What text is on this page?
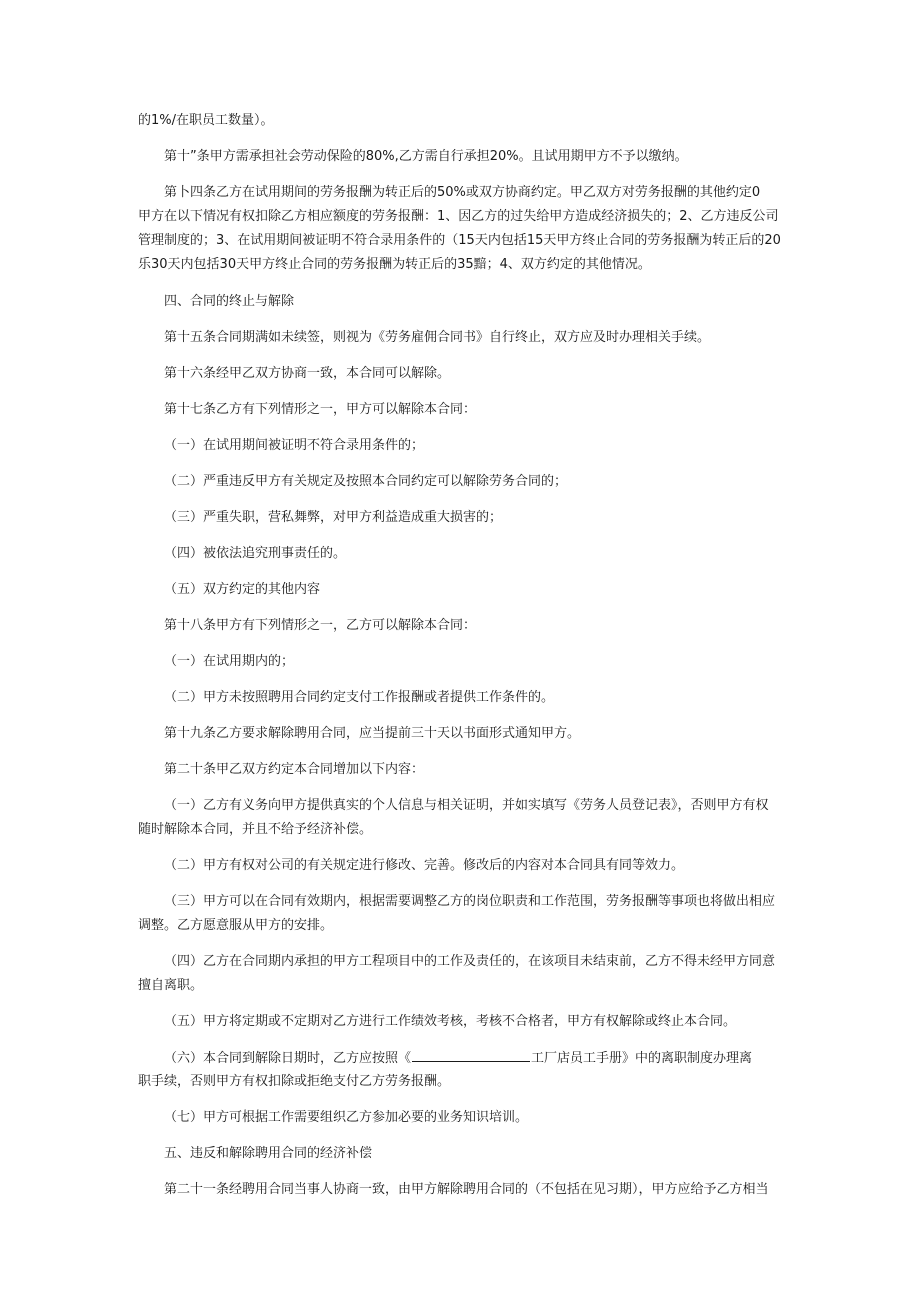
的1%/在职员工数量）。
第十”条甲方需承担社会劳动保险的80%,乙方需自行承担20%。且试用期甲方不予以缴纳。
第卜四条乙方在试用期间的劳务报酬为转正后的50%或双方协商约定。甲乙双方对劳务报酬的其他约定0
甲方在以下情况有权扣除乙方相应额度的劳务报酬：1、因乙方的过失给甲方造成经济损失的；2、乙方违反公司
管理制度的；3、在试用期间被证明不符合录用条件的（15天内包括15天甲方终止合同的劳务报酬为转正后的20
乐30天内包括30天甲方终止合同的劳务报酬为转正后的35黯；4、双方约定的其他情况。
四、合同的终止与解除
第十五条合同期满如未续签，则视为《劳务雇佣合同书》自行终止，双方应及时办理相关手续。
第十六条经甲乙双方协商一致，本合同可以解除。
第十七条乙方有下列情形之一，甲方可以解除本合同：
（一）在试用期间被证明不符合录用条件的；
（二）严重违反甲方有关规定及按照本合同约定可以解除劳务合同的；
（三）严重失职，营私舞弊，对甲方利益造成重大损害的；
（四）被依法追究刑事责任的。
（五）双方约定的其他内容
第十八条甲方有下列情形之一，乙方可以解除本合同：
（一）在试用期内的；
（二）甲方未按照聘用合同约定支付工作报酬或者提供工作条件的。
第十九条乙方要求解除聘用合同，应当提前三十天以书面形式通知甲方。
第二十条甲乙双方约定本合同增加以下内容：
（一）乙方有义务向甲方提供真实的个人信息与相关证明，并如实填写《劳务人员登记表》，否则甲方有权
随时解除本合同，并且不给予经济补偿。
（二）甲方有权对公司的有关规定进行修改、完善。修改后的内容对本合同具有同等效力。
（三）甲方可以在合同有效期内，根据需要调整乙方的岗位职责和工作范围，劳务报酬等事项也将做出相应
调整。乙方愿意服从甲方的安排。
（四）乙方在合同期内承担的甲方工程项目中的工作及责任的，在该项目未结束前，乙方不得未经甲方同意
擅自离职。
（五）甲方将定期或不定期对乙方进行工作绩效考核，考核不合格者，甲方有权解除或终止本合同。
（六）本合同到解除日期时，乙方应按照《	工厂店员工手册》中的离职制度办理离
职手续，否则甲方有权扣除或拒绝支付乙方劳务报酬。
（七）甲方可根据工作需要组织乙方参加必要的业务知识培训。
五、违反和解除聘用合同的经济补偿
第二十一条经聘用合同当事人协商一致，由甲方解除聘用合同的（不包括在见习期），甲方应给予乙方相当
